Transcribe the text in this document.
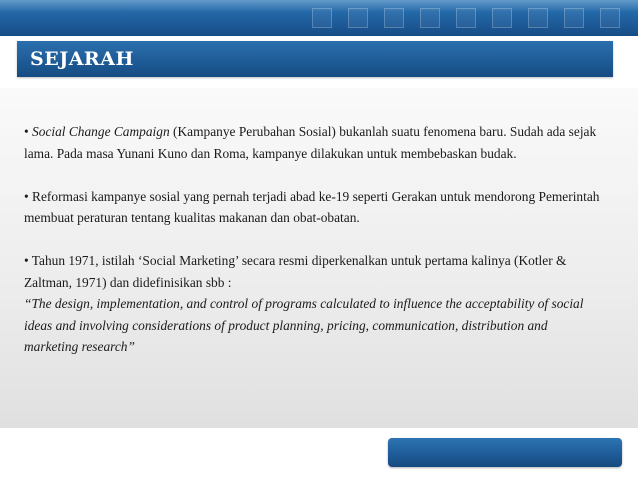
SEJARAH

• Social Change Campaign (Kampanye Perubahan Sosial) bukanlah suatu fenomena baru. Sudah ada sejak lama. Pada masa Yunani Kuno dan Roma, kampanye dilakukan untuk membebaskan budak.

• Reformasi kampanye sosial yang pernah terjadi abad ke-19 seperti Gerakan untuk mendorong Pemerintah membuat peraturan tentang kualitas makanan dan obat-obatan.

• Tahun 1971, istilah ‘Social Marketing’ secara resmi diperkenalkan untuk pertama kalinya (Kotler & Zaltman, 1971) dan didefinisikan sbb :
“The design, implementation, and control of programs calculated to influence the acceptability of social ideas and involving considerations of product planning, pricing, communication, distribution and marketing research”
